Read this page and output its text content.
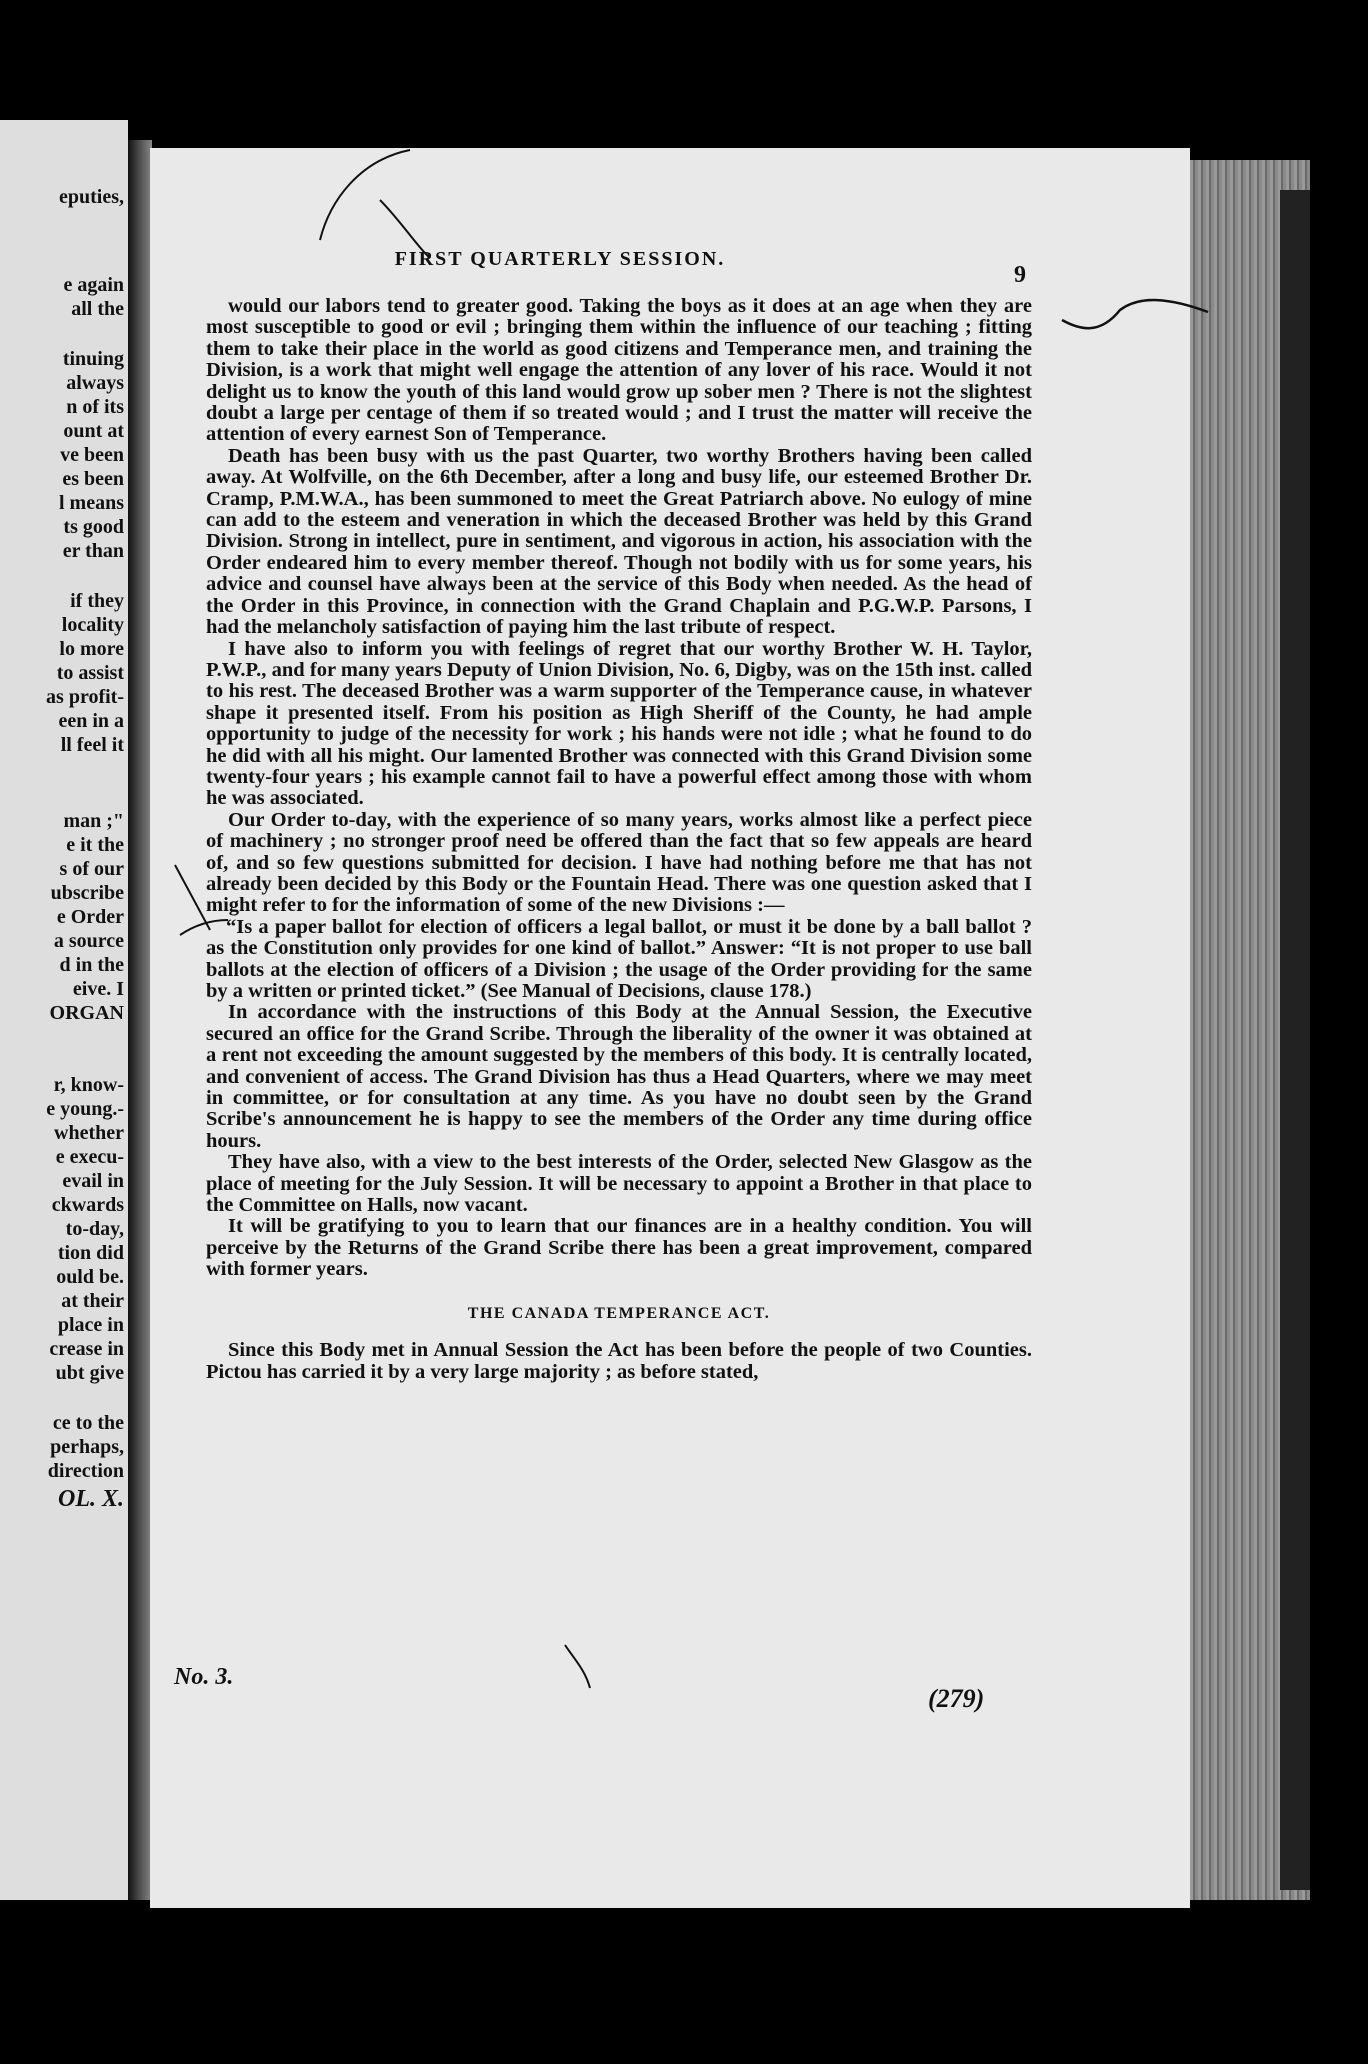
eputies,
e again
all the
tinuing
always
n of its
ount at
ve been
es been
l means
ts good
er than
if they
locality
lo more
to assist
as profit-
een in a
ll feel it
man ;"
e it the
s of our
ubscribe
e Order
a source
d in the
eive. I
ORGAN
r, know-
e young.-
whether
e execu-
evail in
ckwards
to-day,
tion did
ould be.
at their
place in
crease in
ubt give
ce to the
perhaps,
direction
OL. X.
FIRST QUARTERLY SESSION.
9

would our labors tend to greater good. Taking the boys as it does at an age when they are most susceptible to good or evil ; bringing them within the influence of our teaching ; fitting them to take their place in the world as good citizens and Temperance men, and training the Division, is a work that might well engage the attention of any lover of his race. Would it not delight us to know the youth of this land would grow up sober men ? There is not the slightest doubt a large per centage of them if so treated would ; and I trust the matter will receive the attention of every earnest Son of Temperance.

Death has been busy with us the past Quarter, two worthy Brothers having been called away. At Wolfville, on the 6th December, after a long and busy life, our esteemed Brother Dr. Cramp, P.M.W.A., has been summoned to meet the Great Patriarch above. No eulogy of mine can add to the esteem and veneration in which the deceased Brother was held by this Grand Division. Strong in intellect, pure in sentiment, and vigorous in action, his association with the Order endeared him to every member thereof. Though not bodily with us for some years, his advice and counsel have always been at the service of this Body when needed. As the head of the Order in this Province, in connection with the Grand Chaplain and P.G.W.P. Parsons, I had the melancholy satisfaction of paying him the last tribute of respect.

I have also to inform you with feelings of regret that our worthy Brother W. H. Taylor, P.W.P., and for many years Deputy of Union Division, No. 6, Digby, was on the 15th inst. called to his rest. The deceased Brother was a warm supporter of the Temperance cause, in whatever shape it presented itself. From his position as High Sheriff of the County, he had ample opportunity to judge of the necessity for work ; his hands were not idle ; what he found to do he did with all his might. Our lamented Brother was connected with this Grand Division some twenty-four years ; his example cannot fail to have a powerful effect among those with whom he was associated.

Our Order to-day, with the experience of so many years, works almost like a perfect piece of machinery ; no stronger proof need be offered than the fact that so few appeals are heard of, and so few questions submitted for decision. I have had nothing before me that has not already been decided by this Body or the Fountain Head. There was one question asked that I might refer to for the information of some of the new Divisions :—

“Is a paper ballot for election of officers a legal ballot, or must it be done by a ball ballot ? as the Constitution only provides for one kind of ballot.” Answer: “It is not proper to use ball ballots at the election of officers of a Division ; the usage of the Order providing for the same by a written or printed ticket.” (See Manual of Decisions, clause 178.)

In accordance with the instructions of this Body at the Annual Session, the Executive secured an office for the Grand Scribe. Through the liberality of the owner it was obtained at a rent not exceeding the amount suggested by the members of this body. It is centrally located, and convenient of access. The Grand Division has thus a Head Quarters, where we may meet in committee, or for consultation at any time. As you have no doubt seen by the Grand Scribe's announcement he is happy to see the members of the Order any time during office hours.

They have also, with a view to the best interests of the Order, selected New Glasgow as the place of meeting for the July Session. It will be necessary to appoint a Brother in that place to the Committee on Halls, now vacant.

It will be gratifying to you to learn that our finances are in a healthy condition. You will perceive by the Returns of the Grand Scribe there has been a great improvement, compared with former years.

THE CANADA TEMPERANCE ACT.

Since this Body met in Annual Session the Act has been before the people of two Counties. Pictou has carried it by a very large majority ; as before stated,

No. 3.
(279)
